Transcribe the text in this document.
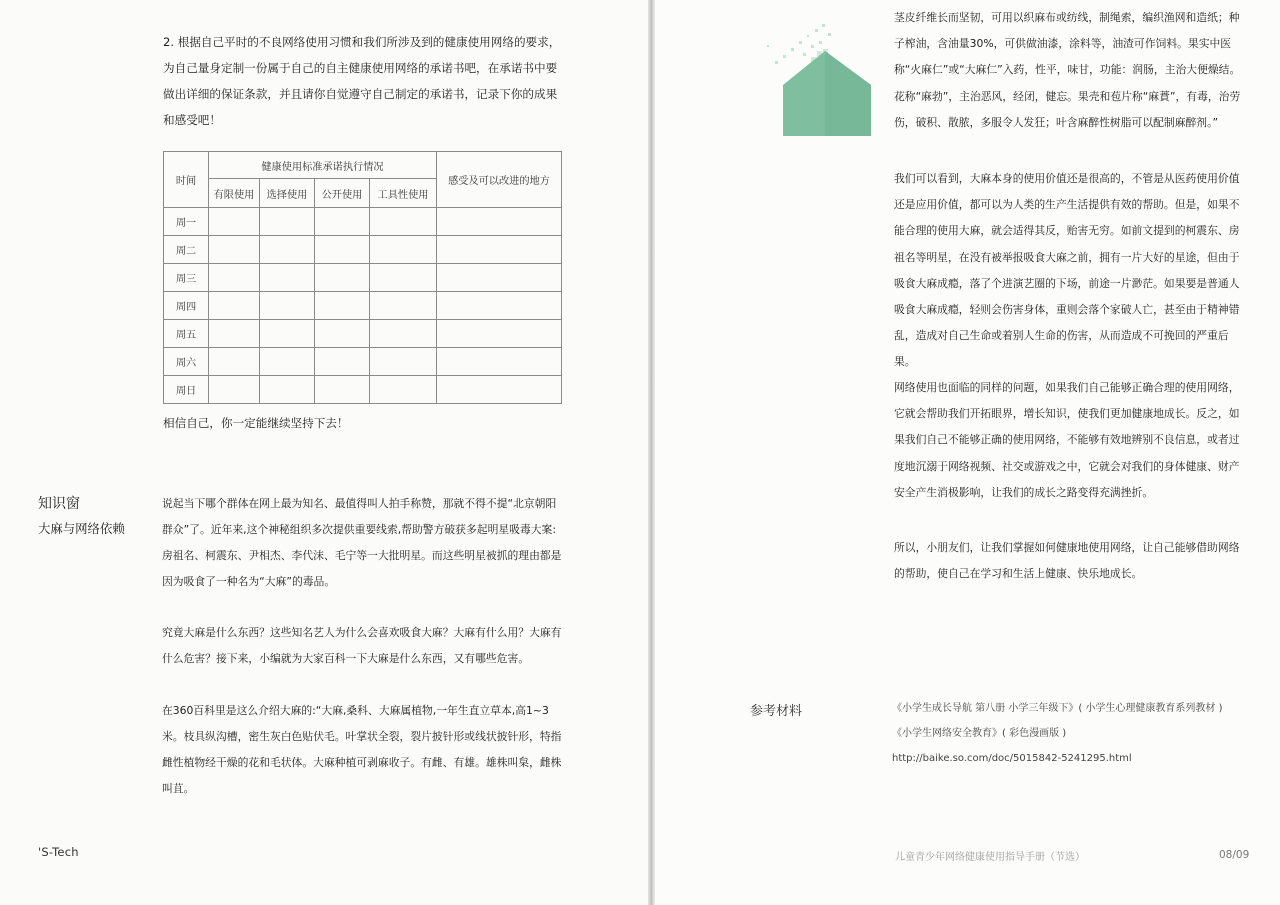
2. 根据自己平时的不良网络使用习惯和我们所涉及到的健康使用网络的要求，为自己量身定制一份属于自己的自主健康使用网络的承诺书吧，在承诺书中要做出详细的保证条款，并且请你自觉遵守自己制定的承诺书，记录下你的成果和感受吧！

时间	健康使用标准承诺执行情况				感受及可以改进的地方
	有限使用	选择使用	公开使用	工具性使用	
周一					
周二					
周三					
周四					
周五					
周六					
周日					
相信自己，你一定能继续坚持下去！
知识窗
大麻与网络依赖

说起当下哪个群体在网上最为知名、最值得叫人拍手称赞，那就不得不提“北京朝阳群众”了。近年来,这个神秘组织多次提供重要线索,帮助警方破获多起明星吸毒大案:房祖名、柯震东、尹相杰、李代沫、毛宁等一大批明星。而这些明星被抓的理由都是因为吸食了一种名为“大麻”的毒品。

究竟大麻是什么东西？这些知名艺人为什么会喜欢吸食大麻？大麻有什么用？大麻有什么危害？接下来，小编就为大家百科一下大麻是什么东西，又有哪些危害。

在360百科里是这么介绍大麻的:“大麻,桑科、大麻属植物,一年生直立草本,高1~3米。枝具纵沟槽，密生灰白色贴伏毛。叶掌状全裂，裂片披针形或线状披针形，特指雌性植物经干燥的花和毛状体。大麻种植可剥麻收子。有雌、有雄。雄株叫枲，雌株叫苴。

'S-Tech

茎皮纤维长而坚韧，可用以织麻布或纺线，制绳索，编织渔网和造纸；种子榨油，含油量30%，可供做油漆，涂料等，油渣可作饲料。果实中医称“火麻仁”或“大麻仁”入药，性平，味甘，功能：润肠，主治大便燥结。花称“麻勃”，主治恶风，经闭，健忘。果壳和苞片称“麻蕡”，有毒，治劳伤，破积、散脓，多服令人发狂；叶含麻醉性树脂可以配制麻醉剂。”

我们可以看到，大麻本身的使用价值还是很高的，不管是从医药使用价值还是应用价值，都可以为人类的生产生活提供有效的帮助。但是，如果不能合理的使用大麻，就会适得其反，贻害无穷。如前文提到的柯震东、房祖名等明星，在没有被举报吸食大麻之前，拥有一片大好的星途，但由于吸食大麻成瘾，落了个进演艺圈的下场，前途一片渺茫。如果要是普通人吸食大麻成瘾，轻则会伤害身体，重则会落个家破人亡，甚至由于精神错乱，造成对自己生命或着别人生命的伤害，从而造成不可挽回的严重后果。

网络使用也面临的同样的问题，如果我们自己能够正确合理的使用网络，它就会帮助我们开拓眼界，增长知识，使我们更加健康地成长。反之，如果我们自己不能够正确的使用网络，不能够有效地辨别不良信息，或者过度地沉溺于网络视频、社交或游戏之中，它就会对我们的身体健康、财产安全产生消极影响，让我们的成长之路变得充满挫折。

所以，小朋友们，让我们掌握如何健康地使用网络，让自己能够借助网络的帮助，使自己在学习和生活上健康、快乐地成长。

参考材料	《小学生成长导航 第八册 小学三年级下》( 小学生心理健康教育系列教材 )
《小学生网络安全教育》( 彩色漫画版 )
http://baike.so.com/doc/5015842-5241295.html
儿童青少年网络健康使用指导手册（节选）	08/09
